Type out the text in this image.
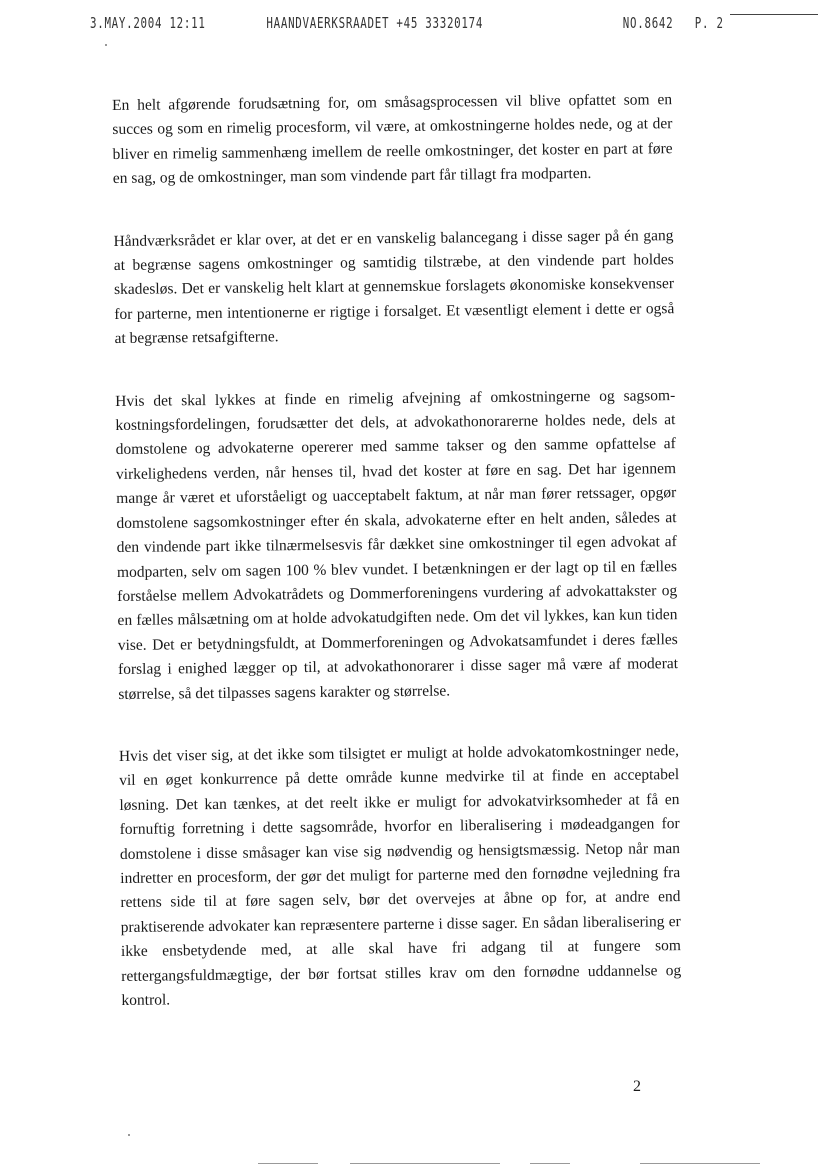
3.MAY.2004 12:11	HAANDVAERKSRAADET +45 33320174	NO.8642 P. 2

En helt afgørende forudsætning for, om småsagsprocessen vil blive opfattet som en succes og som en rimelig procesform, vil være, at omkostningerne holdes nede, og at der bliver en rimelig sammenhæng imellem de reelle omkostninger, det koster en part at føre en sag, og de omkostninger, man som vindende part får tillagt fra modparten.

Håndværksrådet er klar over, at det er en vanskelig balancegang i disse sager på én gang at begrænse sagens omkostninger og samtidig tilstræbe, at den vindende part holdes skadesløs. Det er vanskelig helt klart at gennemskue forslagets økonomiske konsekvenser for parterne, men intentionerne er rigtige i forsalget. Et væsentligt element i dette er også at begrænse retsafgifterne.

Hvis det skal lykkes at finde en rimelig afvejning af omkostningerne og sagsomkostningsfordelingen, forudsætter det dels, at advokathonorarerne holdes nede, dels at domstolene og advokaterne opererer med samme takser og den samme opfattelse af virkelighedens verden, når henses til, hvad det koster at føre en sag. Det har igennem mange år været et uforståeligt og uacceptabelt faktum, at når man fører retssager, opgør domstolene sagsomkostninger efter én skala, advokaterne efter en helt anden, således at den vindende part ikke tilnærmelsesvis får dækket sine omkostninger til egen advokat af modparten, selv om sagen 100 % blev vundet. I betænkningen er der lagt op til en fælles forståelse mellem Advokatrådets og Dommerforeningens vurdering af advokattakster og en fælles målsætning om at holde advokatudgiften nede. Om det vil lykkes, kan kun tiden vise. Det er betydningsfuldt, at Dommerforeningen og Advokatsamfundet i deres fælles forslag i enighed lægger op til, at advokathonorarer i disse sager må være af moderat størrelse, så det tilpasses sagens karakter og størrelse.

Hvis det viser sig, at det ikke som tilsigtet er muligt at holde advokatomkostninger nede, vil en øget konkurrence på dette område kunne medvirke til at finde en acceptabel løsning. Det kan tænkes, at det reelt ikke er muligt for advokatvirksomheder at få en fornuftig forretning i dette sagsområde, hvorfor en liberalisering i mødeadgangen for domstolene i disse småsager kan vise sig nødvendig og hensigtsmæssig. Netop når man indretter en procesform, der gør det muligt for parterne med den fornødne vejledning fra rettens side til at føre sagen selv, bør det overvejes at åbne op for, at andre end praktiserende advokater kan repræsentere parterne i disse sager. En sådan liberalisering er ikke ensbetydende med, at alle skal have fri adgang til at fungere som rettergangsfuldmægtige, der bør fortsat stilles krav om den fornødne uddannelse og kontrol.

2
